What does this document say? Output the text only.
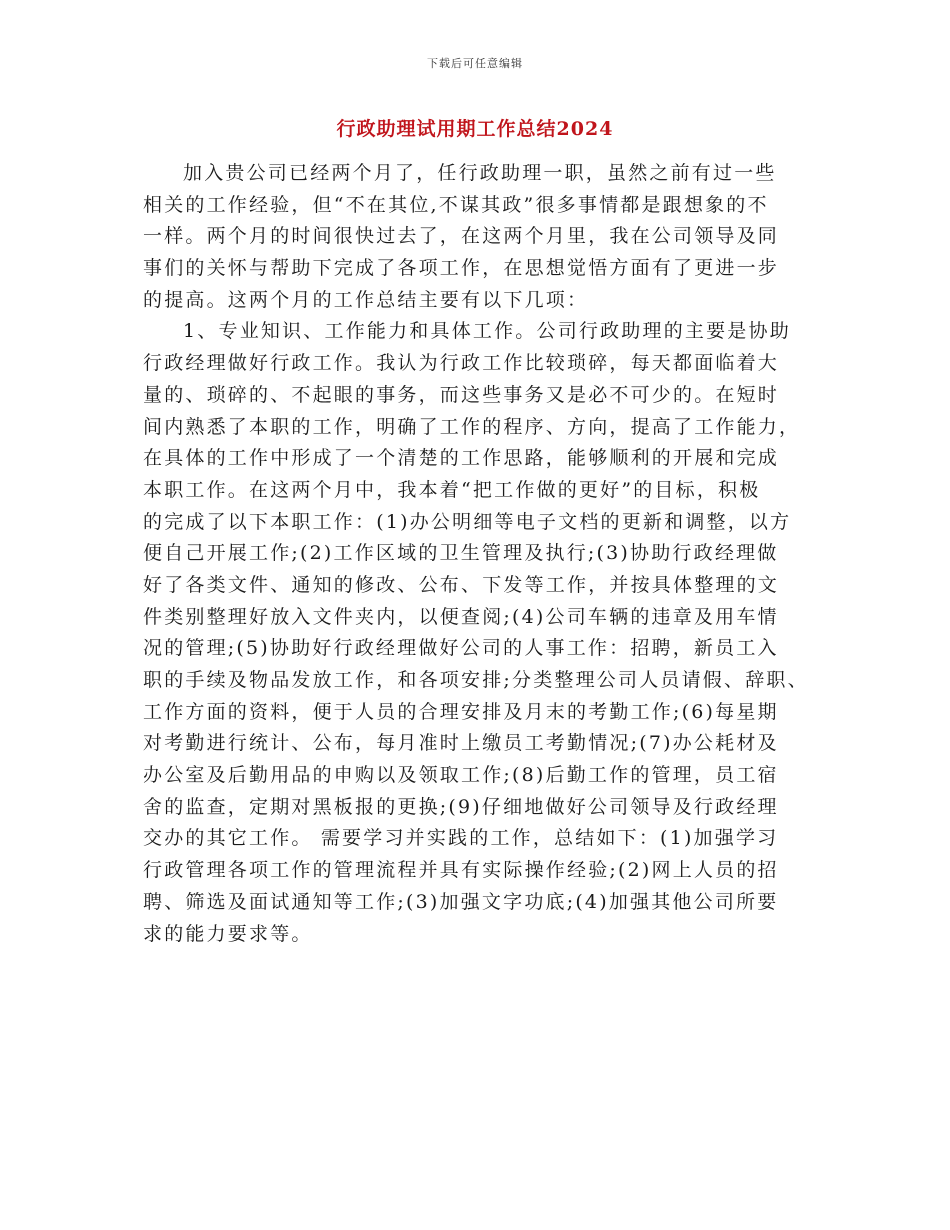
下载后可任意编辑
行政助理试用期工作总结2024
加入贵公司已经两个月了，任行政助理一职，虽然之前有过一些
相关的工作经验，但“不在其位,不谋其政”很多事情都是跟想象的不
一样。两个月的时间很快过去了，在这两个月里，我在公司领导及同
事们的关怀与帮助下完成了各项工作，在思想觉悟方面有了更进一步
的提高。这两个月的工作总结主要有以下几项：
1、专业知识、工作能力和具体工作。公司行政助理的主要是协助
行政经理做好行政工作。我认为行政工作比较琐碎，每天都面临着大
量的、琐碎的、不起眼的事务，而这些事务又是必不可少的。在短时
间内熟悉了本职的工作，明确了工作的程序、方向，提高了工作能力，
在具体的工作中形成了一个清楚的工作思路，能够顺利的开展和完成
本职工作。在这两个月中，我本着“把工作做的更好”的目标，积极
的完成了以下本职工作：(1)办公明细等电子文档的更新和调整，以方
便自己开展工作;(2)工作区域的卫生管理及执行;(3)协助行政经理做
好了各类文件、通知的修改、公布、下发等工作，并按具体整理的文
件类别整理好放入文件夹内，以便查阅;(4)公司车辆的违章及用车情
况的管理;(5)协助好行政经理做好公司的人事工作：招聘，新员工入
职的手续及物品发放工作，和各项安排;分类整理公司人员请假、辞职、
工作方面的资料，便于人员的合理安排及月末的考勤工作;(6)每星期
对考勤进行统计、公布，每月准时上缴员工考勤情况;(7)办公耗材及
办公室及后勤用品的申购以及领取工作;(8)后勤工作的管理，员工宿
舍的监查，定期对黑板报的更换;(9)仔细地做好公司领导及行政经理
交办的其它工作。 需要学习并实践的工作，总结如下：(1)加强学习
行政管理各项工作的管理流程并具有实际操作经验;(2)网上人员的招
聘、筛选及面试通知等工作;(3)加强文字功底;(4)加强其他公司所要
求的能力要求等。
